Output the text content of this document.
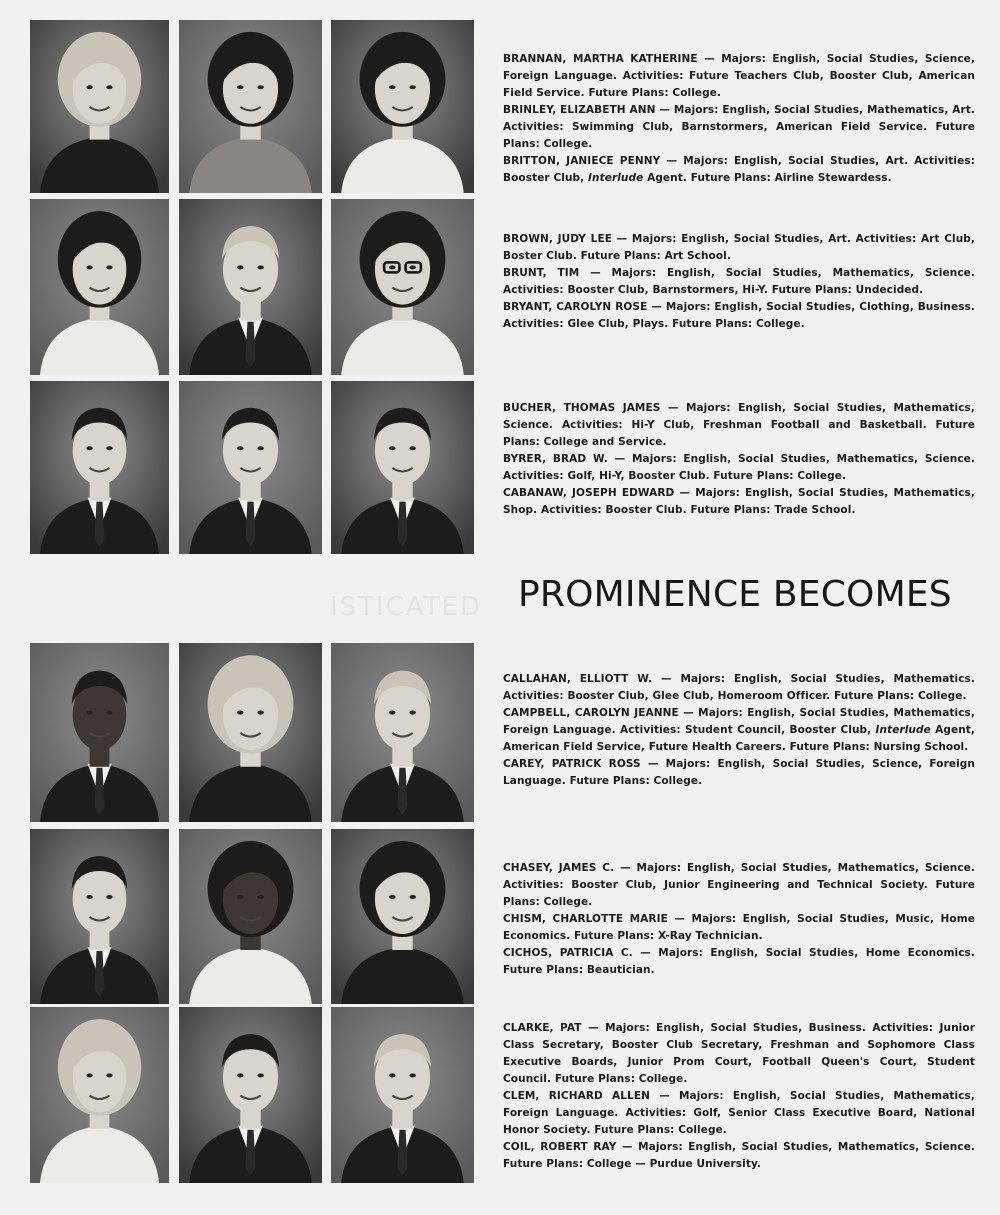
ISTICATED PROMINENCE BECOMES

BRANNAN, MARTHA KATHERINE — Majors: English, Social Studies, Science, Foreign Language. Activities: Future Teachers Club, Booster Club, American Field Service. Future Plans: College.

BRINLEY, ELIZABETH ANN — Majors: English, Social Studies, Mathematics, Art. Activities: Swimming Club, Barnstormers, American Field Service. Future Plans: College.

BRITTON, JANIECE PENNY — Majors: English, Social Studies, Art. Activities: Booster Club, Interlude Agent. Future Plans: Airline Stewardess.

BROWN, JUDY LEE — Majors: English, Social Studies, Art. Activities: Art Club, Boster Club. Future Plans: Art School.

BRUNT, TIM — Majors: English, Social Studies, Mathematics, Science. Activities: Booster Club, Barnstormers, Hi-Y. Future Plans: Undecided.

BRYANT, CAROLYN ROSE — Majors: English, Social Studies, Clothing, Business. Activities: Glee Club, Plays. Future Plans: College.

BUCHER, THOMAS JAMES — Majors: English, Social Studies, Mathematics, Science. Activities: Hi-Y Club, Freshman Football and Basketball. Future Plans: College and Service.

BYRER, BRAD W. — Majors: English, Social Studies, Mathematics, Science. Activities: Golf, Hi-Y, Booster Club. Future Plans: College.

CABANAW, JOSEPH EDWARD — Majors: English, Social Studies, Mathematics, Shop. Activities: Booster Club. Future Plans: Trade School.

CALLAHAN, ELLIOTT W. — Majors: English, Social Studies, Mathematics. Activities: Booster Club, Glee Club, Homeroom Officer. Future Plans: College.

CAMPBELL, CAROLYN JEANNE — Majors: English, Social Studies, Mathematics, Foreign Language. Activities: Student Council, Booster Club, Interlude Agent, American Field Service, Future Health Careers. Future Plans: Nursing School.

CAREY, PATRICK ROSS — Majors: English, Social Studies, Science, Foreign Language. Future Plans: College.

CHASEY, JAMES C. — Majors: English, Social Studies, Mathematics, Science. Activities: Booster Club, Junior Engineering and Technical Society. Future Plans: College.

CHISM, CHARLOTTE MARIE — Majors: English, Social Studies, Music, Home Economics. Future Plans: X-Ray Technician.

CICHOS, PATRICIA C. — Majors: English, Social Studies, Home Economics. Future Plans: Beautician.

CLARKE, PAT — Majors: English, Social Studies, Business. Activities: Junior Class Secretary, Booster Club Secretary, Freshman and Sophomore Class Executive Boards, Junior Prom Court, Football Queen's Court, Student Council. Future Plans: College.

CLEM, RICHARD ALLEN — Majors: English, Social Studies, Mathematics, Foreign Language. Activities: Golf, Senior Class Executive Board, National Honor Society. Future Plans: College.

COIL, ROBERT RAY — Majors: English, Social Studies, Mathematics, Science. Future Plans: College — Purdue University.
